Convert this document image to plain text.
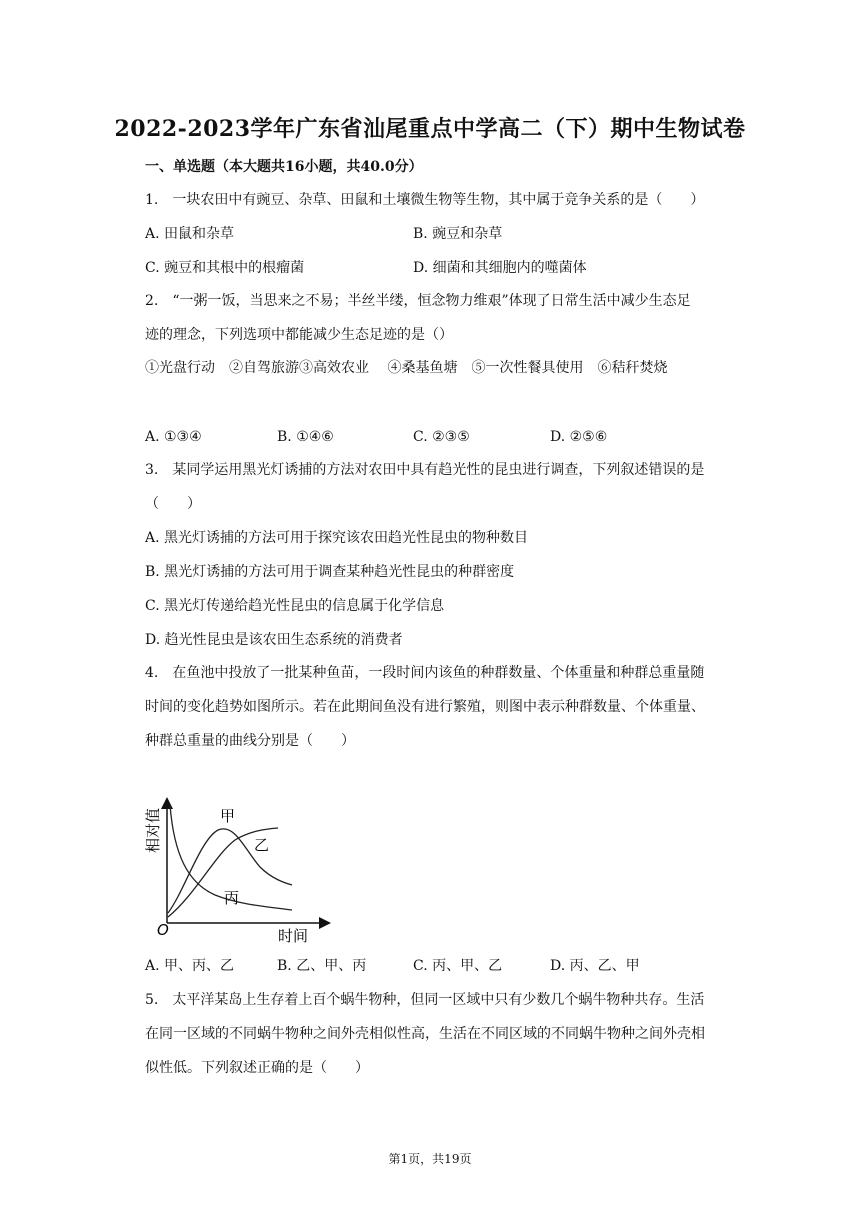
2022-2023学年广东省汕尾重点中学高二（下）期中生物试卷
一、单选题（本大题共16小题，共40.0分）
1.　一块农田中有豌豆、杂草、田鼠和土壤微生物等生物，其中属于竞争关系的是（　　）
A. 田鼠和杂草	B. 豌豆和杂草
C. 豌豆和其根中的根瘤菌	D. 细菌和其细胞内的噬菌体
2.　“一粥一饭，当思来之不易；半丝半缕，恒念物力维艰”体现了日常生活中减少生态足
迹的理念，下列选项中都能减少生态足迹的是（）
①光盘行动　②自驾旅游③高效农业　 ④桑基鱼塘　⑤一次性餐具使用　⑥秸秆焚烧
A. ①③④	B. ①④⑥	C. ②③⑤	D. ②⑤⑥
3.　某同学运用黑光灯诱捕的方法对农田中具有趋光性的昆虫进行调查，下列叙述错误的是
（　　）
A. 黑光灯诱捕的方法可用于探究该农田趋光性昆虫的物种数目
B. 黑光灯诱捕的方法可用于调查某种趋光性昆虫的种群密度
C. 黑光灯传递给趋光性昆虫的信息属于化学信息
D. 趋光性昆虫是该农田生态系统的消费者
4.　在鱼池中投放了一批某种鱼苗，一段时间内该鱼的种群数量、个体重量和种群总重量随
时间的变化趋势如图所示。若在此期间鱼没有进行繁殖，则图中表示种群数量、个体重量、
种群总重量的曲线分别是（　　）
相对值
时间
O
甲
乙
丙
A. 甲、丙、乙	B. 乙、甲、丙	C. 丙、甲、乙	D. 丙、乙、甲
5.　太平洋某岛上生存着上百个蜗牛物种，但同一区域中只有少数几个蜗牛物种共存。生活
在同一区域的不同蜗牛物种之间外壳相似性高，生活在不同区域的不同蜗牛物种之间外壳相
似性低。下列叙述正确的是（　　）
第1页，共19页
